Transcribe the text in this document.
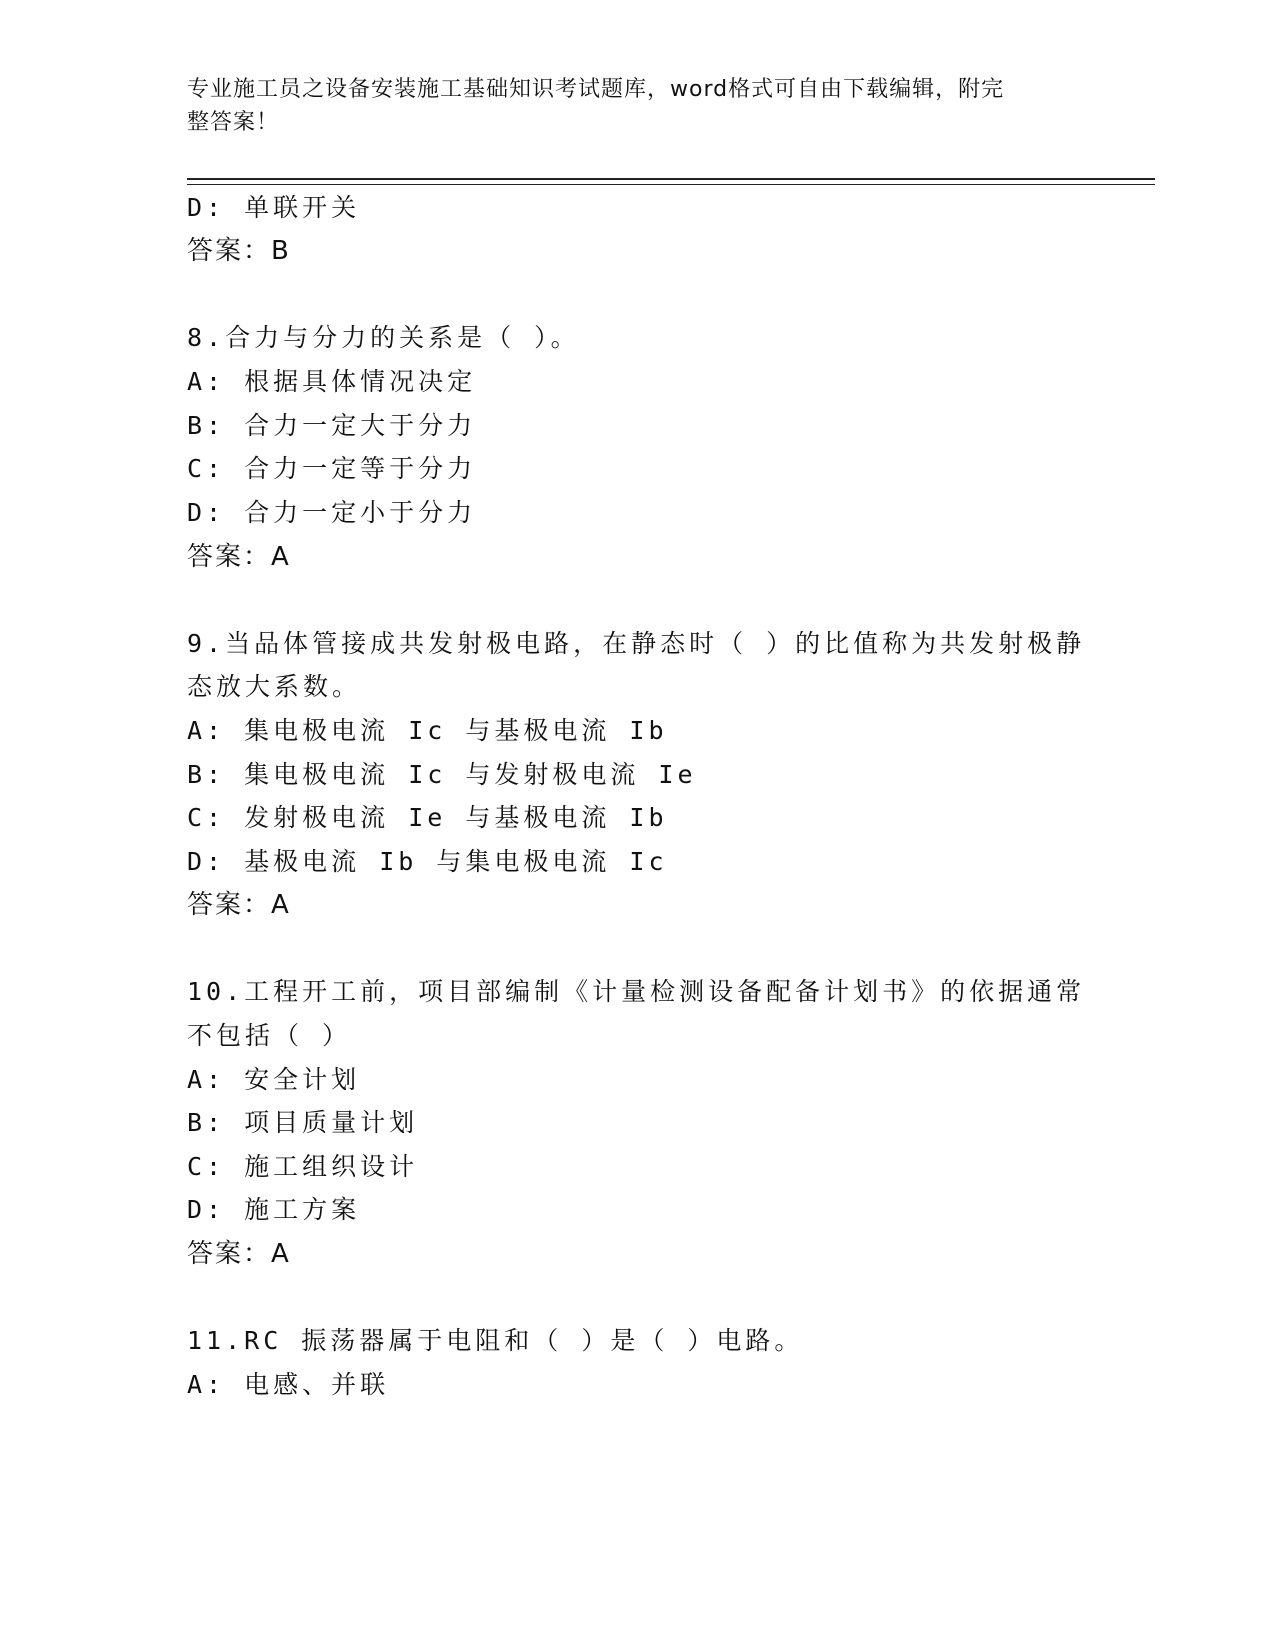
专业施工员之设备安装施工基础知识考试题库，word格式可自由下载编辑，附完
整答案！
D: 单联开关
答案：B
8.合力与分力的关系是（ ）。
A: 根据具体情况决定
B: 合力一定大于分力
C: 合力一定等于分力
D: 合力一定小于分力
答案：A
9.当品体管接成共发射极电路，在静态时（ ）的比值称为共发射极静
态放大系数。
A: 集电极电流 Ic 与基极电流 Ib
B: 集电极电流 Ic 与发射极电流 Ie
C: 发射极电流 Ie 与基极电流 Ib
D: 基极电流 Ib 与集电极电流 Ic
答案：A
10.工程开工前，项目部编制《计量检测设备配备计划书》的依据通常
不包括（ ）
A: 安全计划
B: 项目质量计划
C: 施工组织设计
D: 施工方案
答案：A
11.RC 振荡器属于电阻和（ ）是（ ）电路。
A: 电感、并联
